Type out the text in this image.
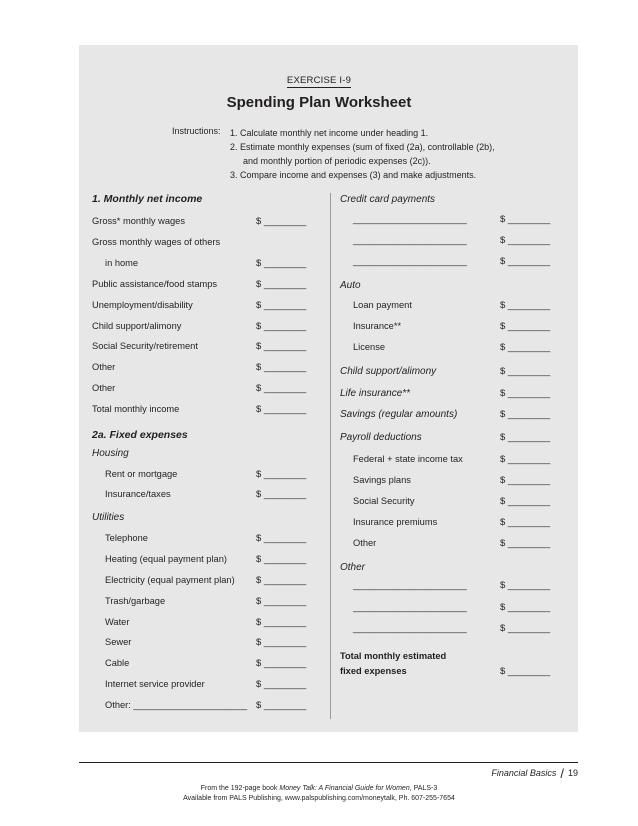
EXERCISE I-9
Spending Plan Worksheet
Instructions: 1. Calculate monthly net income under heading 1.
2. Estimate monthly expenses (sum of fixed (2a), controllable (2b),
and monthly portion of periodic expenses (2c)).
3. Compare income and expenses (3) and make adjustments.
1. Monthly net income
Gross* monthly wages	$ ________
Gross monthly wages of others
in home	$ ________
Public assistance/food stamps	$ ________
Unemployment/disability	$ ________
Child support/alimony	$ ________
Social Security/retirement	$ ________
Other	$ ________
Other	$ ________
Total monthly income	$ ________
2a. Fixed expenses
Housing
Rent or mortgage	$ ________
Insurance/taxes	$ ________
Utilities
Telephone	$ ________
Heating (equal payment plan)	$ ________
Electricity (equal payment plan) $ ________
Trash/garbage	$ ________
Water	$ ________
Sewer	$ ________
Cable	$ ________
Internet service provider	$ ________
Other: ______________________ $ ________
Credit card payments
______________________	$ ________
______________________	$ ________
______________________	$ ________
Auto
Loan payment	$ ________
Insurance**	$ ________
License	$ ________
Child support/alimony	$ ________
Life insurance**	$ ________
Savings (regular amounts)	$ ________
Payroll deductions	$ ________
Federal + state income tax	$ ________
Savings plans	$ ________
Social Security	$ ________
Insurance premiums	$ ________
Other	$ ________
Other
______________________	$ ________
______________________	$ ________
______________________	$ ________
Total monthly estimated
fixed expenses	$ ________
Financial Basics / 19
From the 192-page book Money Talk: A Financial Guide for Women, PALS-3
Available from PALS Publishing, www.palspublishing.com/moneytalk, Ph. 607-255-7654
